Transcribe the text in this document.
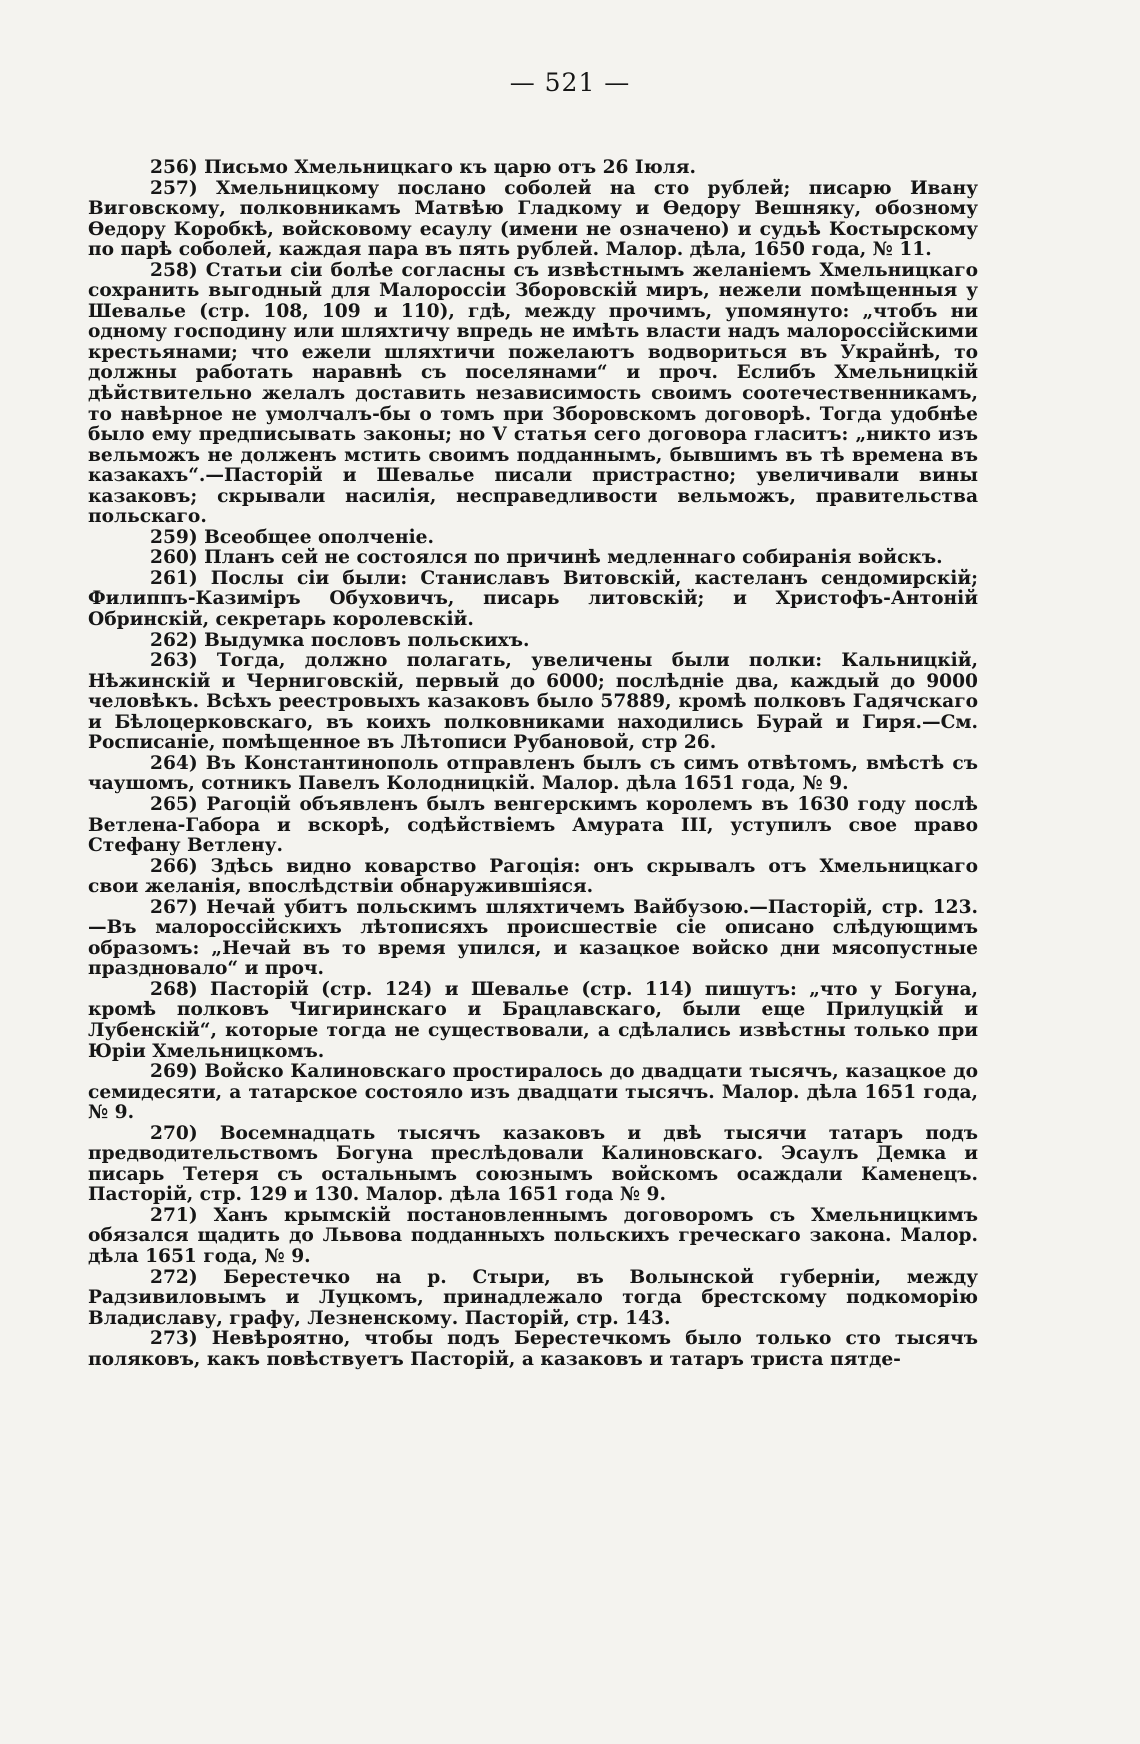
— 521 —

256) Письмо Хмельницкаго къ царю отъ 26 Іюля.

257) Хмельницкому послано соболей на сто рублей; писарю Ивану Виговскому, полковникамъ Матвѣю Гладкому и Өедору Вешняку, обозному Өедору Коробкѣ, войсковому есаулу (имени не означено) и судьѣ Костырскому по парѣ соболей, каждая пара въ пять рублей. Малор. дѣла, 1650 года, № 11.

258) Статьи сіи болѣе согласны съ извѣстнымъ желаніемъ Хмельницкаго сохранить выгодный для Малороссіи Зборовскій миръ, нежели помѣщенныя у Шевалье (стр. 108, 109 и 110), гдѣ, между прочимъ, упомянуто: „чтобъ ни одному господину или шляхтичу впредь не имѣть власти надъ малороссійскими крестьянами; что ежели шляхтичи пожелаютъ водвориться въ Украйнѣ, то должны работать наравнѣ съ поселянами“ и проч. Еслибъ Хмельницкій дѣйствительно желалъ доставить независимость своимъ соотечественникамъ, то навѣрное не умолчалъ-бы о томъ при Зборовскомъ договорѣ. Тогда удобнѣе было ему предписывать законы; но V статья сего договора гласитъ: „никто изъ вельможъ не долженъ мстить своимъ подданнымъ, бывшимъ въ тѣ времена въ казакахъ“.—Пасторій и Шевалье писали пристрастно; увеличивали вины казаковъ; скрывали насилія, несправедливости вельможъ, правительства польскаго.

259) Всеобщее ополченіе.

260) Планъ сей не состоялся по причинѣ медленнаго собиранія войскъ.

261) Послы сіи были: Станиславъ Витовскій, кастеланъ сендомирскій; Филиппъ-Казиміръ Обуховичъ, писарь литовскій; и Христофъ-Антоній Обринскій, секретарь королевскій.

262) Выдумка пословъ польскихъ.

263) Тогда, должно полагать, увеличены были полки: Кальницкій, Нѣжинскій и Черниговскій, первый до 6000; послѣдніе два, каждый до 9000 человѣкъ. Всѣхъ реестровыхъ казаковъ было 57889, кромѣ полковъ Гадячскаго и Бѣлоцерковскаго, въ коихъ полковниками находились Бурай и Гиря.—См. Росписаніе, помѣщенное въ Лѣтописи Рубановой, стр 26.

264) Въ Константинополь отправленъ былъ съ симъ отвѣтомъ, вмѣстѣ съ чаушомъ, сотникъ Павелъ Колодницкій. Малор. дѣла 1651 года, № 9.

265) Рагоцій объявленъ былъ венгерскимъ королемъ въ 1630 году послѣ Ветлена-Габора и вскорѣ, содѣйствіемъ Амурата III, уступилъ свое право Стефану Ветлену.

266) Здѣсь видно коварство Рагоція: онъ скрывалъ отъ Хмельницкаго свои желанія, впослѣдствіи обнаружившіяся.

267) Нечай убитъ польскимъ шляхтичемъ Вайбузою.—Пасторій, стр. 123.—Въ малороссійскихъ лѣтописяхъ происшествіе сіе описано слѣдующимъ образомъ: „Нечай въ то время упился, и казацкое войско дни мясопустные праздновало“ и проч.

268) Пасторій (стр. 124) и Шевалье (стр. 114) пишутъ: „что у Богуна, кромѣ полковъ Чигиринскаго и Брацлавскаго, были еще Прилуцкій и Лубенскій“, которые тогда не существовали, а сдѣлались извѣстны только при Юріи Хмельницкомъ.

269) Войско Калиновскаго простиралось до двадцати тысячъ, казацкое до семидесяти, а татарское состояло изъ двадцати тысячъ. Малор. дѣла 1651 года, № 9.

270) Восемнадцать тысячъ казаковъ и двѣ тысячи татаръ подъ предводительствомъ Богуна преслѣдовали Калиновскаго. Эсаулъ Демка и писарь Тетеря съ остальнымъ союзнымъ войскомъ осаждали Каменецъ. Пасторій, стр. 129 и 130. Малор. дѣла 1651 года № 9.

271) Ханъ крымскій постановленнымъ договоромъ съ Хмельницкимъ обязался щадить до Львова подданныхъ польскихъ греческаго закона. Малор. дѣла 1651 года, № 9.

272) Берестечко на р. Стыри, въ Волынской губерніи, между Радзивиловымъ и Луцкомъ, принадлежало тогда брестскому подкоморію Владиславу, графу, Лезненскому. Пасторій, стр. 143.

273) Невѣроятно, чтобы подъ Берестечкомъ было только сто тысячъ поляковъ, какъ повѣствуетъ Пасторій, а казаковъ и татаръ триста пятде-
